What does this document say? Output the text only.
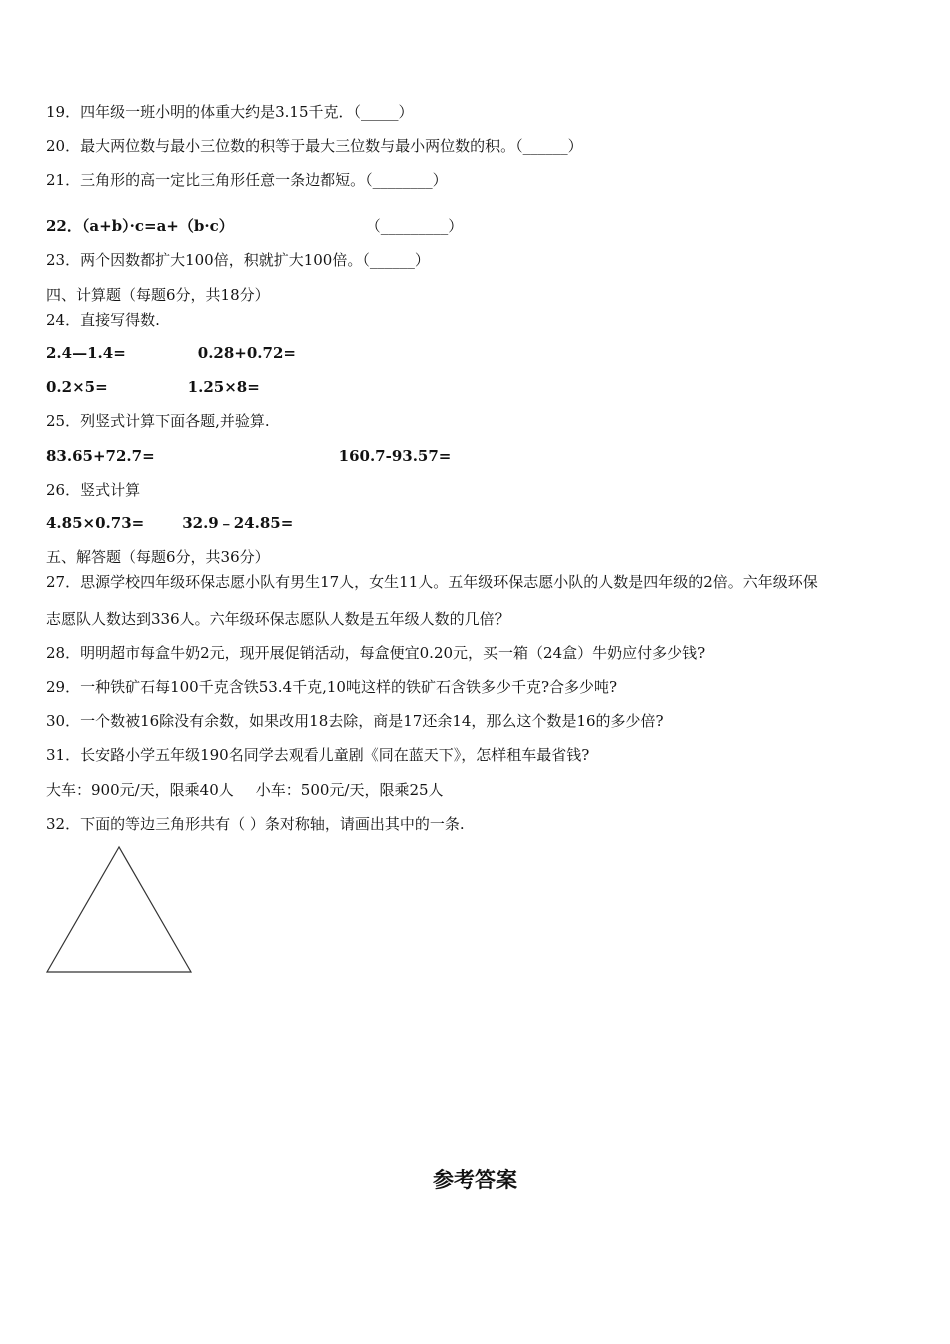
19．四年级一班小明的体重大约是3.15千克．（_____）
20．最大两位数与最小三位数的积等于最大三位数与最小两位数的积。（______）
21．三角形的高一定比三角形任意一条边都短。（________）
22．（a+b）·c=a+（b·c）	（_________）
23．两个因数都扩大100倍，积就扩大100倍。（______）
四、计算题（每题6分，共18分）
24．直接写得数.
2.4—1.4=	0.28+0.72=
0.2×5=	1.25×8=
25．列竖式计算下面各题,并验算.
83.65+72.7=	160.7-93.57=
26．竖式计算
4.85×0.73=	32.9﹣24.85=
五、解答题（每题6分，共36分）
27．思源学校四年级环保志愿小队有男生17人，女生11人。五年级环保志愿小队的人数是四年级的2倍。六年级环保
志愿队人数达到336人。六年级环保志愿队人数是五年级人数的几倍？
28．明明超市每盒牛奶2元，现开展促销活动，每盒便宜0.20元，买一箱（24盒）牛奶应付多少钱?
29．一种铁矿石每100千克含铁53.4千克,10吨这样的铁矿石含铁多少千克?合多少吨?
30．一个数被16除没有余数，如果改用18去除，商是17还余14，那么这个数是16的多少倍?
31．长安路小学五年级190名同学去观看儿童剧《同在蓝天下》，怎样租车最省钱?
大车：900元/天，限乘40人 小车：500元/天，限乘25人
32．下面的等边三角形共有（ ）条对称轴，请画出其中的一条.
参考答案
